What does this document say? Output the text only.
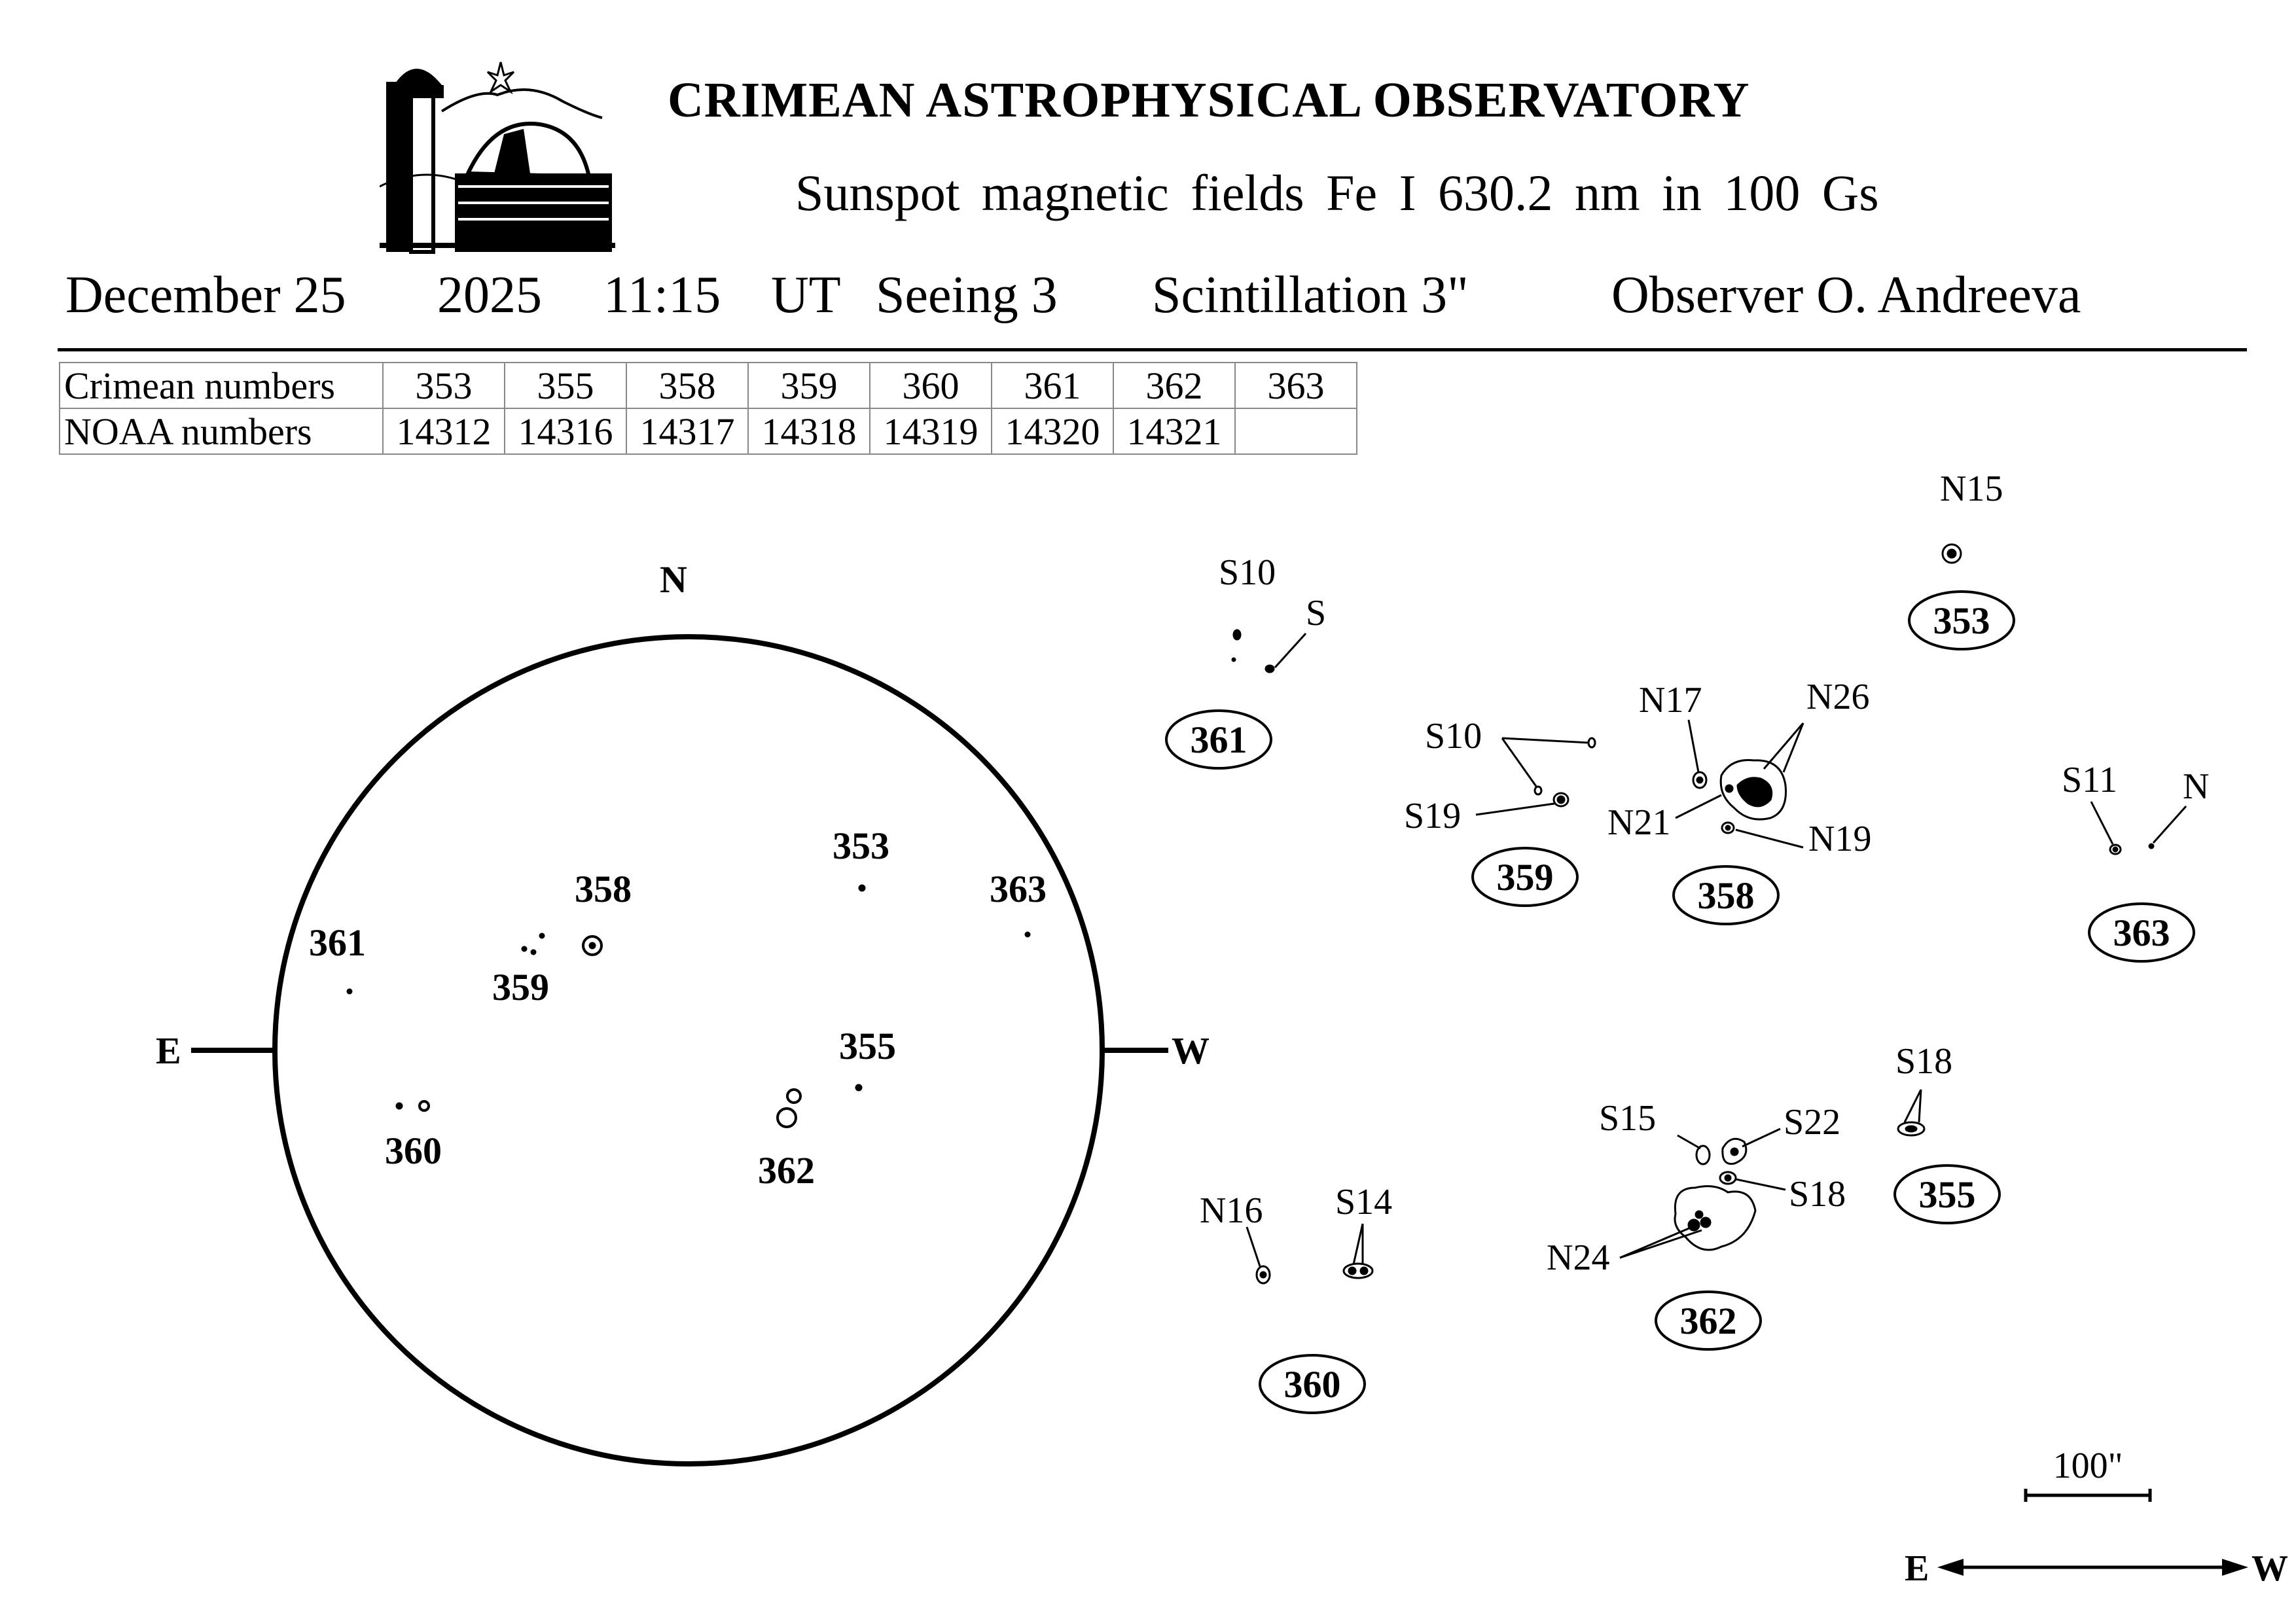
CRIMEAN ASTROPHYSICAL OBSERVATORY
Sunspot magnetic fields Fe I 630.2 nm in 100 Gs
December 25 2025 11:15 UT Seeing 3 Scintillation 3"	Observer O. Andreeva
Crimean numbers	353	355	358	359	360	361	362	363
NOAA numbers	14312	14316	14317	14318	14319	14320	14321	
N
E	W
361
358
359
353
363
355
360	362
S10
S
N15
S10
S19
N17	N26
N21	N19
S11 N
S18
S15	S22
S18
N24
N16 S14
361
353
359	358
363
355
362
360
100"
E	W
